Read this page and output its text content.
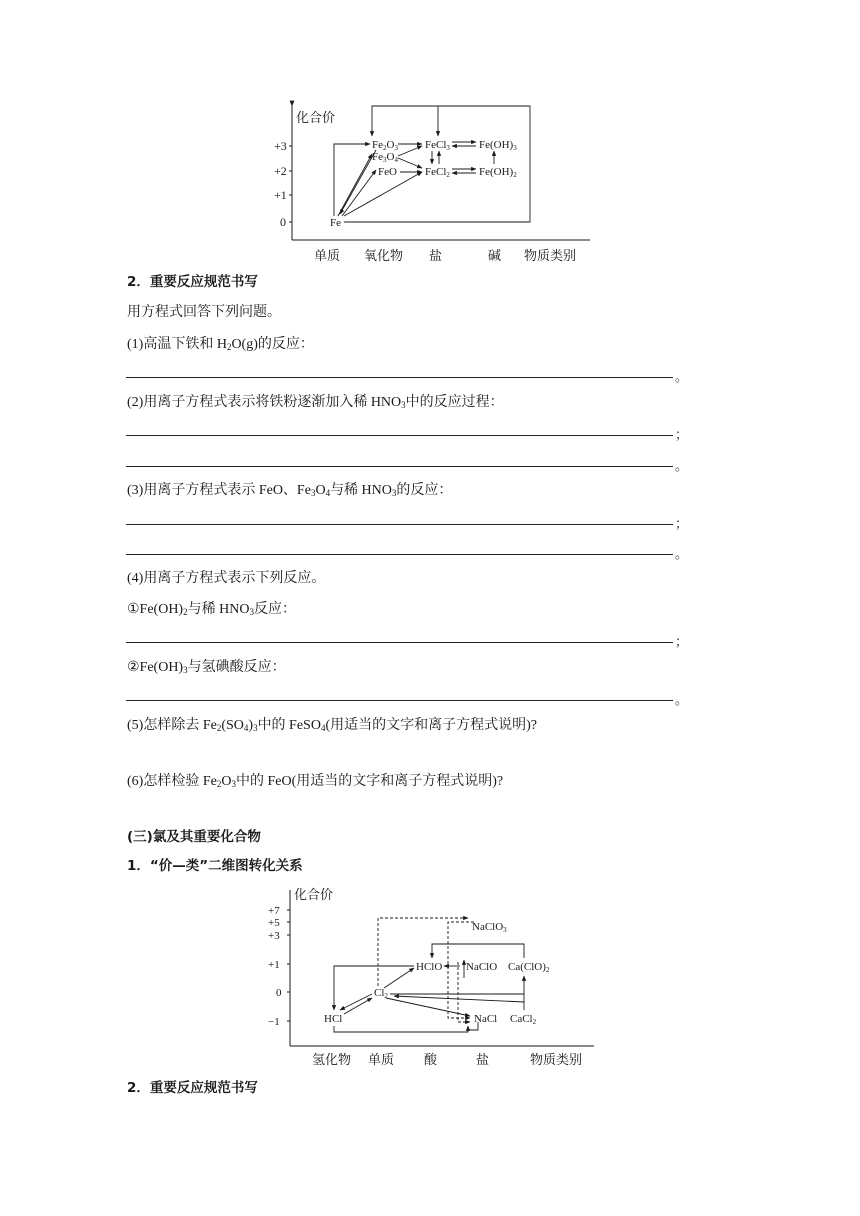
化合价
+3
+2
+1
0
单质 氧化物 盐	碱 物质类别
Fe2O3
Fe3O4
FeO
FeCl3
FeCl2
Fe(OH)3
Fe(OH)2
Fe
2．重要反应规范书写
用方程式回答下列问题。
(1)高温下铁和 $H_2O(g)$的反应：
。
(2)用离子方程式表示将铁粉逐渐加入稀 $HNO_3$中的反应过程：
；
。
(3)用离子方程式表示 FeO、$Fe_3O_4$与稀 $HNO_3$的反应：
；
。
(4)用离子方程式表示下列反应。
$①Fe(OH)_2$与稀 $HNO_3$反应：
；
$②Fe(OH)_3$与氢碘酸反应：
。
(5)怎样除去 $Fe_2(SO_4)_3$中的 FeSO$_4$(用适当的文字和离子方程式说明)?
(6)怎样检验 $Fe_2O_3$中的 FeO(用适当的文字和离子方程式说明)?
(三)氯及其重要化合物
1．“价—类”二维图转化关系
化合价
+7
+5
+3
+1
0
−1
氢化物 单质 酸	盐	物质类别
NaClO3
HClO NaClO Ca(ClO)2
Cl2
HCl	NaCl CaCl2
2．重要反应规范书写
